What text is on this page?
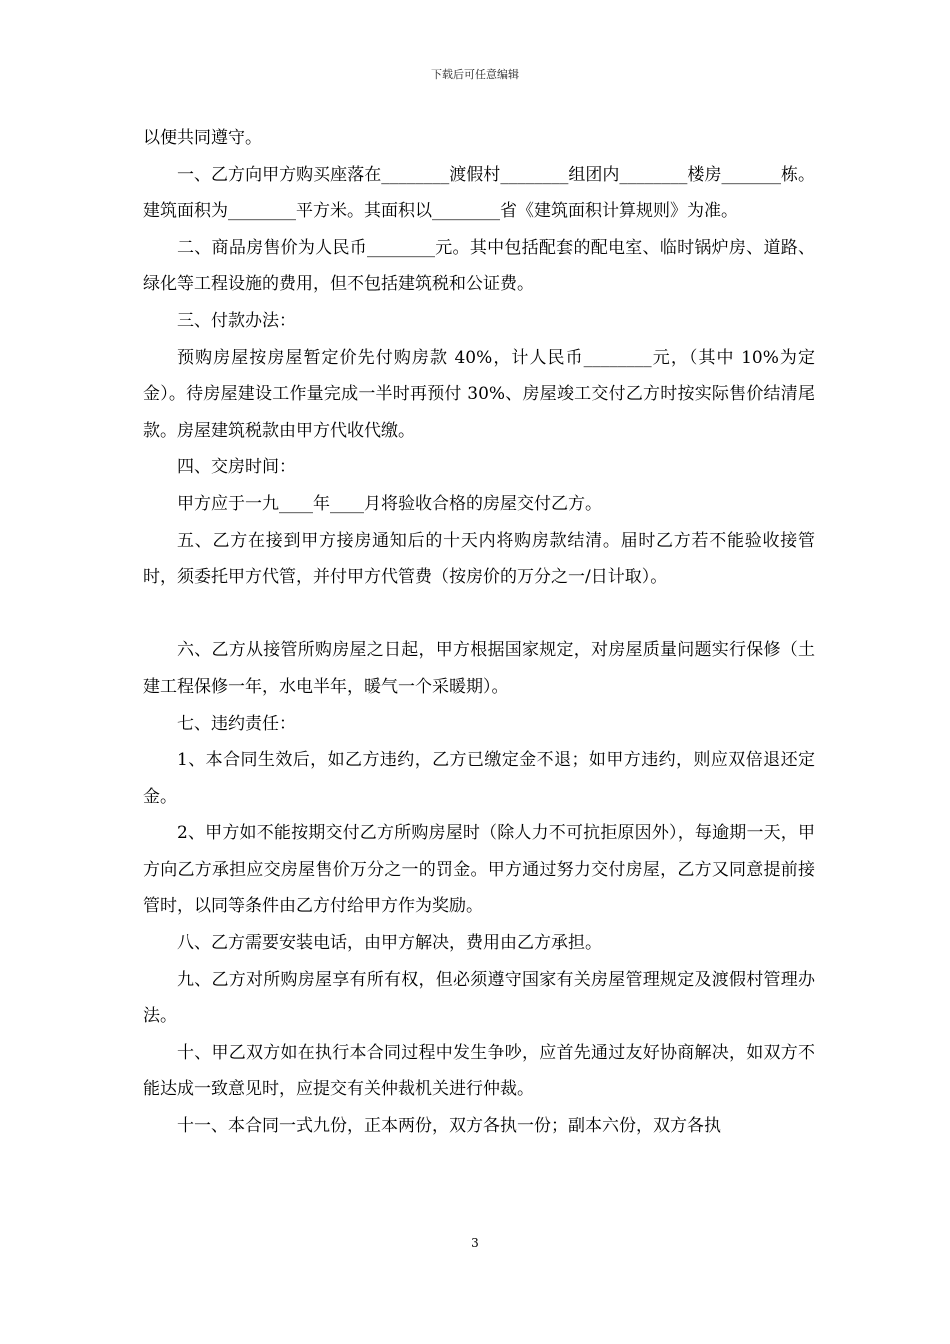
下载后可任意编辑

以便共同遵守。

一、乙方向甲方购买座落在________渡假村________组团内________楼房_______栋。建筑面积为________平方米。其面积以________省《建筑面积计算规则》为准。

二、商品房售价为人民币________元。其中包括配套的配电室、临时锅炉房、道路、绿化等工程设施的费用，但不包括建筑税和公证费。

三、付款办法：

预购房屋按房屋暂定价先付购房款 40%，计人民币________元，（其中 10%为定金）。待房屋建设工作量完成一半时再预付 30%、房屋竣工交付乙方时按实际售价结清尾款。房屋建筑税款由甲方代收代缴。

四、交房时间：

甲方应于一九____年____月将验收合格的房屋交付乙方。

五、乙方在接到甲方接房通知后的十天内将购房款结清。届时乙方若不能验收接管时，须委托甲方代管，并付甲方代管费（按房价的万分之一/日计取）。

六、乙方从接管所购房屋之日起，甲方根据国家规定，对房屋质量问题实行保修（土建工程保修一年，水电半年，暖气一个采暖期）。

七、违约责任：

1、本合同生效后，如乙方违约，乙方已缴定金不退；如甲方违约，则应双倍退还定金。

2、甲方如不能按期交付乙方所购房屋时（除人力不可抗拒原因外），每逾期一天，甲方向乙方承担应交房屋售价万分之一的罚金。甲方通过努力交付房屋，乙方又同意提前接管时，以同等条件由乙方付给甲方作为奖励。

八、乙方需要安装电话，由甲方解决，费用由乙方承担。

九、乙方对所购房屋享有所有权，但必须遵守国家有关房屋管理规定及渡假村管理办法。

十、甲乙双方如在执行本合同过程中发生争吵，应首先通过友好协商解决，如双方不能达成一致意见时，应提交有关仲裁机关进行仲裁。

十一、本合同一式九份，正本两份，双方各执一份；副本六份，双方各执

3
